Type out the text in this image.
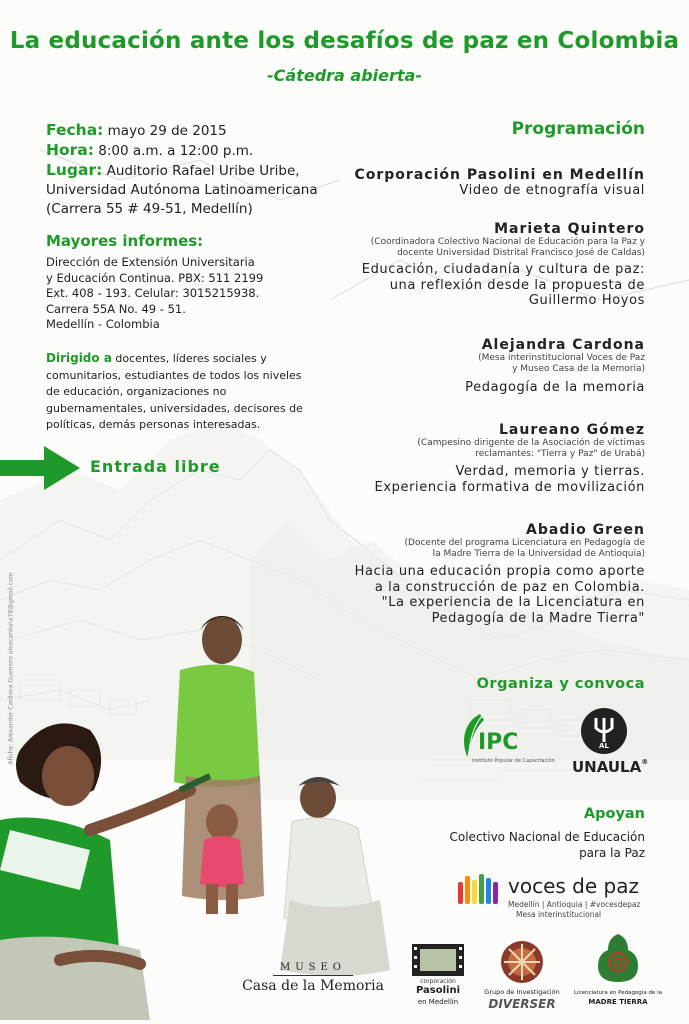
La educación ante los desafíos de paz en Colombia
-Cátedra abierta-
Fecha: mayo 29 de 2015
Hora: 8:00 a.m. a 12:00 p.m.
Lugar: Auditorio Rafael Uribe Uribe,
Universidad Autónoma Latinoamericana
(Carrera 55 # 49-51, Medellín)
Mayores informes:
Dirección de Extensión Universitaria
y Educación Continua. PBX: 511 2199
Ext. 408 - 193. Celular: 3015215938.
Carrera 55A No. 49 - 51.
Medellín - Colombia
Dirigido a docentes, líderes sociales y comunitarios, estudiantes de todos los niveles de educación, organizaciones no gubernamentales, universidades, decisores de políticas, demás personas interesadas.
Entrada libre
Programación
Corporación Pasolini en Medellín
Video de etnografía visual
Marieta Quintero
(Coordinadora Colectivo Nacional de Educación para la Paz y
docente Universidad Distrital Francisco José de Caldas)
Educación, ciudadanía y cultura de paz:
una reflexión desde la propuesta de
Guillermo Hoyos
Alejandra Cardona
(Mesa interinstitucional Voces de Paz
y Museo Casa de la Memoria)
Pedagogía de la memoria
Laureano Gómez
(Campesino dirigente de la Asociación de víctimas
reclamantes: "Tierra y Paz" de Urabá)
Verdad, memoria y tierras.
Experiencia formativa de movilización
Abadio Green
(Docente del programa Licenciatura en Pedagogía de
la Madre Tierra de la Universidad de Antioquia)
Hacia una educación propia como aporte
a la construcción de paz en Colombia.
"La experiencia de la Licenciatura en
Pedagogía de la Madre Tierra"
Organiza y convoca
IPC
Instituto Popular de Capacitación
AL
UNAULA®
Apoyan
Colectivo Nacional de Educación
para la Paz
voces de paz
Medellín | Antioquia | #vocesdepaz
Mesa interinstitucional
Afiche: Alexander Cardona Guerrero alexcardona78@gmail.com
MUSEO
Casa de la Memoria	corporación
Pasolini
en Medellín
Grupo de Investigación
DIVERSER
Licenciatura en Pedagogía de la
MADRE TIERRA
